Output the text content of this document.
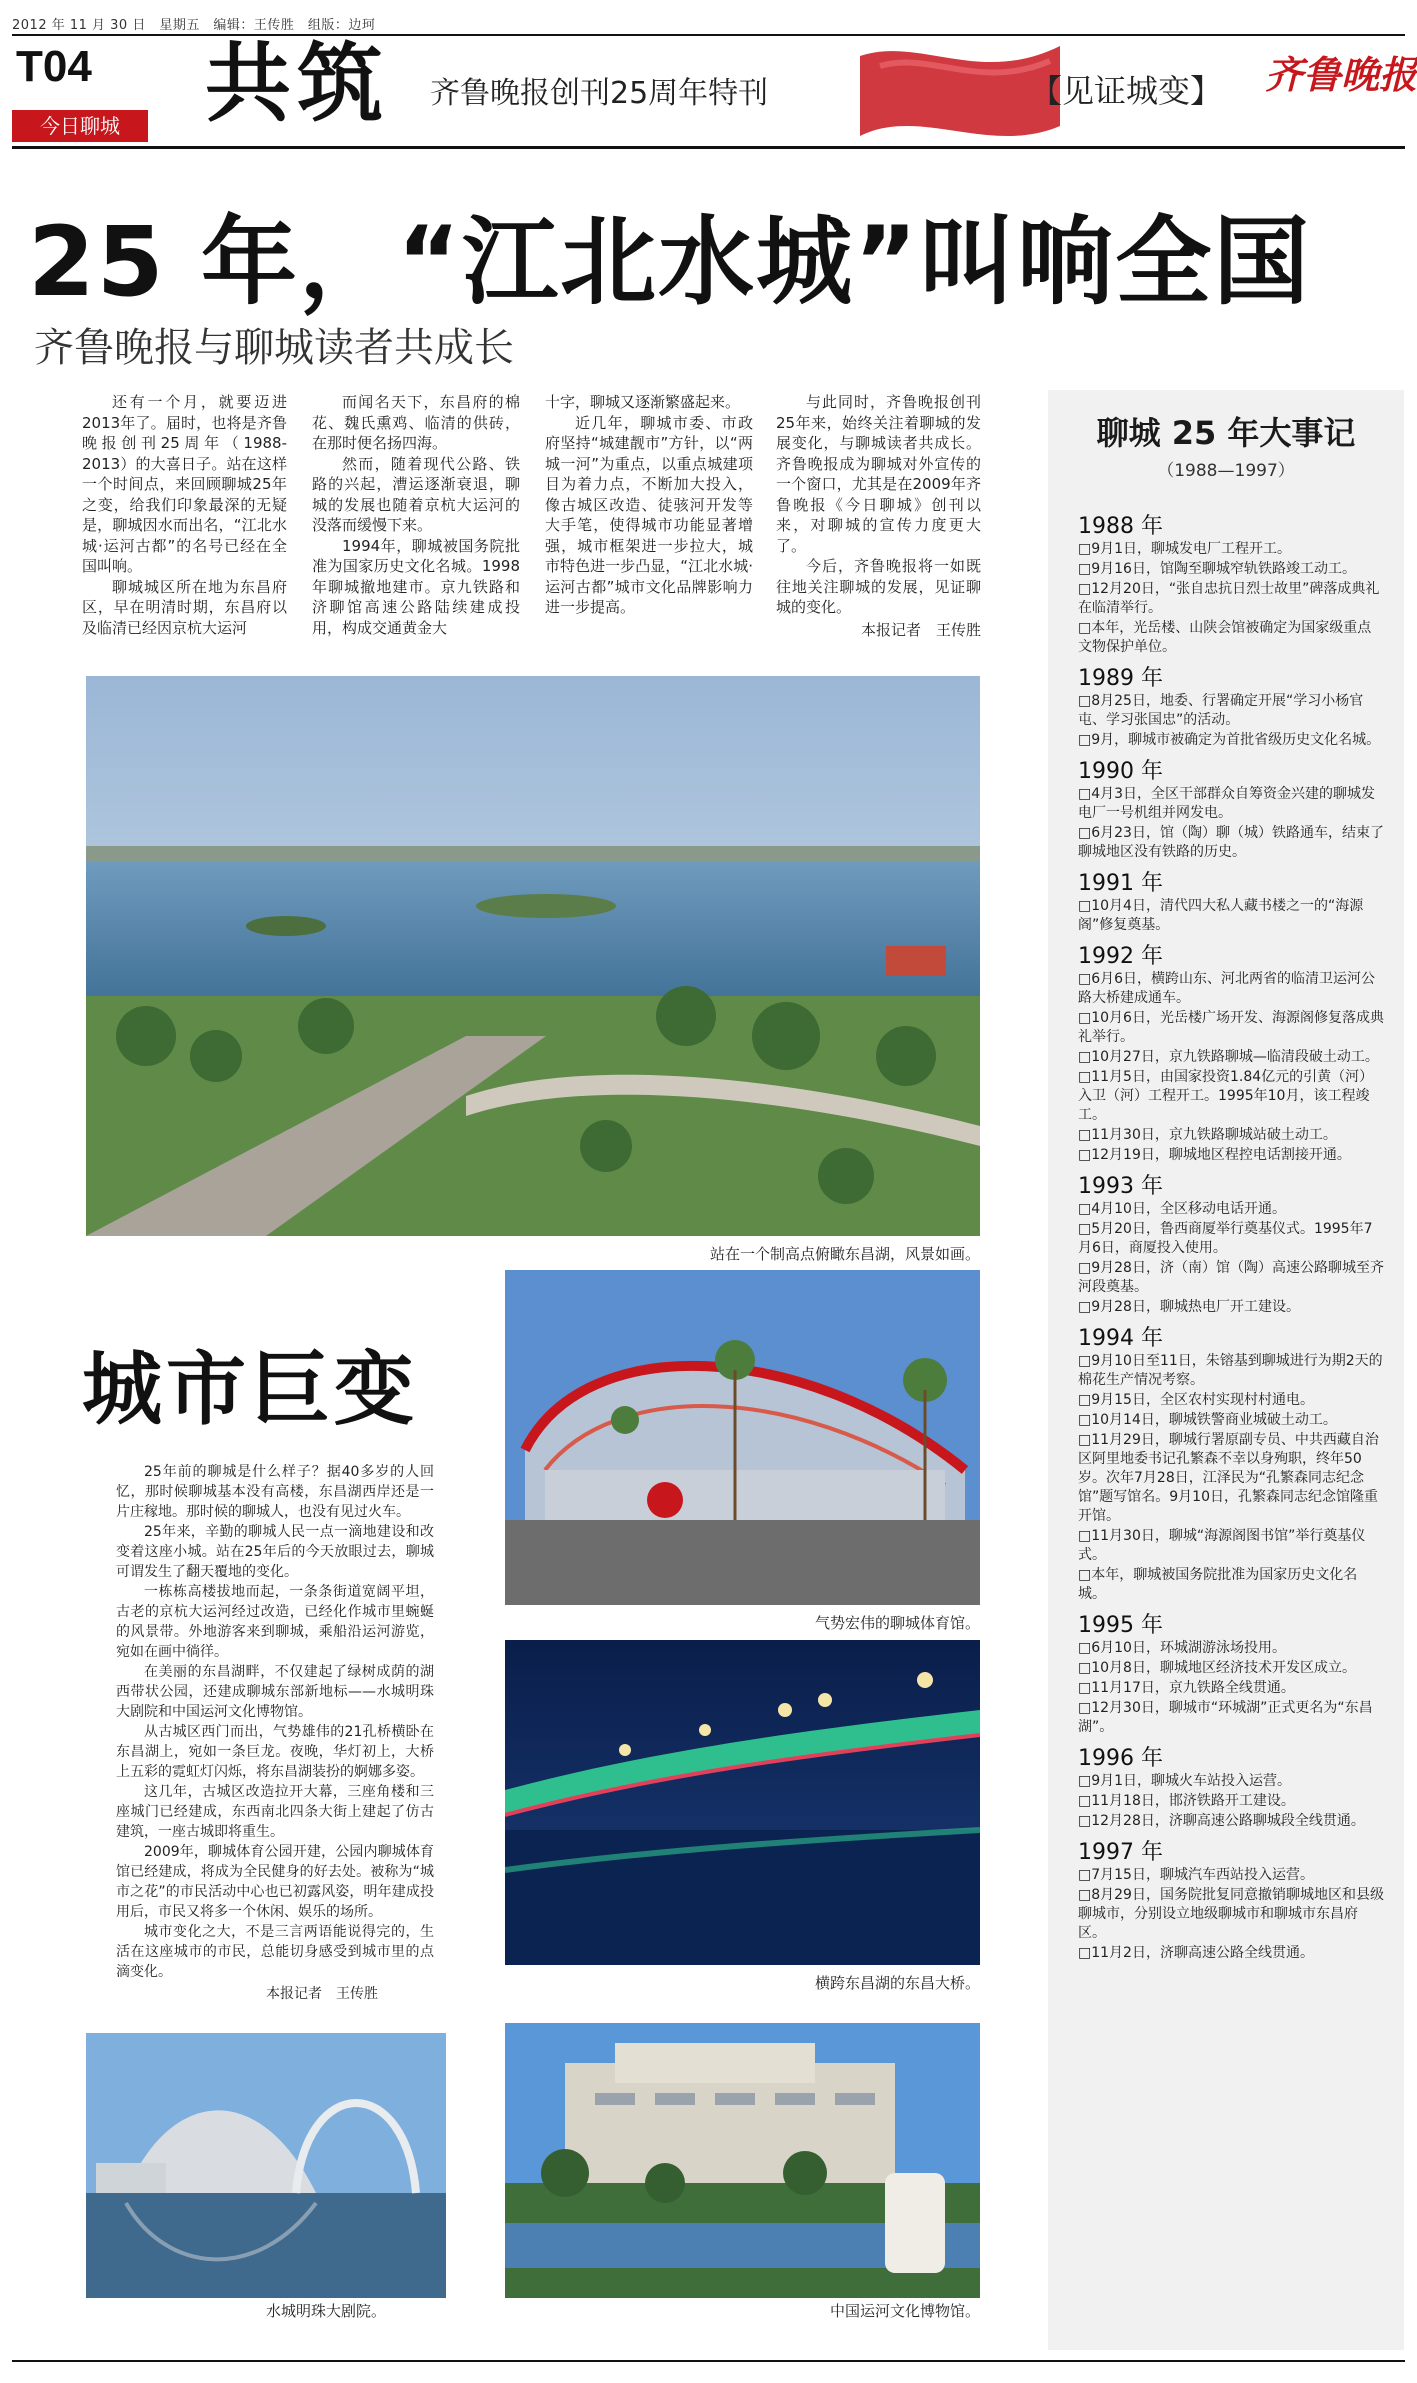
2012 年 11 月 30 日　星期五　编辑：王传胜　组版：边珂
T04
今日聊城 共筑 齐鲁晚报创刊25周年特刊	【见证城变】 齐鲁晚报
25 年，“江北水城”叫响全国
齐鲁晚报与聊城读者共成长

还有一个月，就要迈进2013年了。届时，也将是齐鲁晚报创刊25周年（1988-2013）的大喜日子。站在这样一个时间点，来回顾聊城25年之变，给我们印象最深的无疑是，聊城因水而出名，“江北水城·运河古都”的名号已经在全国叫响。

聊城城区所在地为东昌府区，早在明清时期，东昌府以及临清已经因京杭大运河

而闻名天下，东昌府的棉花、魏氏熏鸡、临清的供砖，在那时便名扬四海。

然而，随着现代公路、铁路的兴起，漕运逐渐衰退，聊城的发展也随着京杭大运河的没落而缓慢下来。

1994年，聊城被国务院批准为国家历史文化名城。1998年聊城撤地建市。京九铁路和济聊馆高速公路陆续建成投用，构成交通黄金大

十字，聊城又逐渐繁盛起来。

近几年，聊城市委、市政府坚持“城建靓市”方针，以“两城一河”为重点，以重点城建项目为着力点，不断加大投入，像古城区改造、徒骇河开发等大手笔，使得城市功能显著增强，城市框架进一步拉大，城市特色进一步凸显，“江北水城·运河古都”城市文化品牌影响力进一步提高。

与此同时，齐鲁晚报创刊25年来，始终关注着聊城的发展变化，与聊城读者共成长。齐鲁晚报成为聊城对外宣传的一个窗口，尤其是在2009年齐鲁晚报《今日聊城》创刊以来，对聊城的宣传力度更大了。

今后，齐鲁晚报将一如既往地关注聊城的发展，见证聊城的变化。

本报记者　王传胜
站在一个制高点俯瞰东昌湖，风景如画。
城市巨变

25年前的聊城是什么样子？据40多岁的人回忆，那时候聊城基本没有高楼，东昌湖西岸还是一片庄稼地。那时候的聊城人，也没有见过火车。

25年来，辛勤的聊城人民一点一滴地建设和改变着这座小城。站在25年后的今天放眼过去，聊城可谓发生了翻天覆地的变化。

一栋栋高楼拔地而起，一条条街道宽阔平坦，古老的京杭大运河经过改造，已经化作城市里蜿蜒的风景带。外地游客来到聊城，乘船沿运河游览，宛如在画中徜徉。

在美丽的东昌湖畔，不仅建起了绿树成荫的湖西带状公园，还建成聊城东部新地标——水城明珠大剧院和中国运河文化博物馆。

从古城区西门而出，气势雄伟的21孔桥横卧在东昌湖上，宛如一条巨龙。夜晚，华灯初上，大桥上五彩的霓虹灯闪烁，将东昌湖装扮的婀娜多姿。

这几年，古城区改造拉开大幕，三座角楼和三座城门已经建成，东西南北四条大街上建起了仿古建筑，一座古城即将重生。

2009年，聊城体育公园开建，公园内聊城体育馆已经建成，将成为全民健身的好去处。被称为“城市之花”的市民活动中心也已初露风姿，明年建成投用后，市民又将多一个休闲、娱乐的场所。

城市变化之大，不是三言两语能说得完的，生活在这座城市的市民，总能切身感受到城市里的点滴变化。

本报记者　王传胜
气势宏伟的聊城体育馆。
横跨东昌湖的东昌大桥。
水城明珠大剧院。	中国运河文化博物馆。
聊城 25 年大事记
（1988—1997）
1988 年
□9月1日，聊城发电厂工程开工。
□9月16日，馆陶至聊城窄轨铁路竣工动工。
□12月20日，“张自忠抗日烈士故里”碑落成典礼在临清举行。
□本年，光岳楼、山陕会馆被确定为国家级重点文物保护单位。
1989 年
□8月25日，地委、行署确定开展“学习小杨官屯、学习张国忠”的活动。
□9月，聊城市被确定为首批省级历史文化名城。
1990 年
□4月3日，全区干部群众自筹资金兴建的聊城发电厂一号机组并网发电。
□6月23日，馆（陶）聊（城）铁路通车，结束了聊城地区没有铁路的历史。
1991 年
□10月4日，清代四大私人藏书楼之一的“海源阁”修复奠基。
1992 年
□6月6日，横跨山东、河北两省的临清卫运河公路大桥建成通车。
□10月6日，光岳楼广场开发、海源阁修复落成典礼举行。
□10月27日，京九铁路聊城—临清段破土动工。
□11月5日，由国家投资1.84亿元的引黄（河）入卫（河）工程开工。1995年10月，该工程竣工。
□11月30日，京九铁路聊城站破土动工。
□12月19日，聊城地区程控电话割接开通。
1993 年
□4月10日，全区移动电话开通。
□5月20日，鲁西商厦举行奠基仪式。1995年7月6日，商厦投入使用。
□9月28日，济（南）馆（陶）高速公路聊城至齐河段奠基。
□9月28日，聊城热电厂开工建设。
1994 年
□9月10日至11日，朱镕基到聊城进行为期2天的棉花生产情况考察。
□9月15日，全区农村实现村村通电。
□10月14日，聊城铁警商业城破土动工。
□11月29日，聊城行署原副专员、中共西藏自治区阿里地委书记孔繁森不幸以身殉职，终年50岁。次年7月28日，江泽民为“孔繁森同志纪念馆”题写馆名。9月10日，孔繁森同志纪念馆隆重开馆。
□11月30日，聊城“海源阁图书馆”举行奠基仪式。
□本年，聊城被国务院批准为国家历史文化名城。
1995 年
□6月10日，环城湖游泳场投用。
□10月8日，聊城地区经济技术开发区成立。
□11月17日，京九铁路全线贯通。
□12月30日，聊城市“环城湖”正式更名为“东昌湖”。
1996 年
□9月1日，聊城火车站投入运营。
□11月18日，邯济铁路开工建设。
□12月28日，济聊高速公路聊城段全线贯通。
1997 年
□7月15日，聊城汽车西站投入运营。
□8月29日，国务院批复同意撤销聊城地区和县级聊城市，分别设立地级聊城市和聊城市东昌府区。
□11月2日，济聊高速公路全线贯通。
